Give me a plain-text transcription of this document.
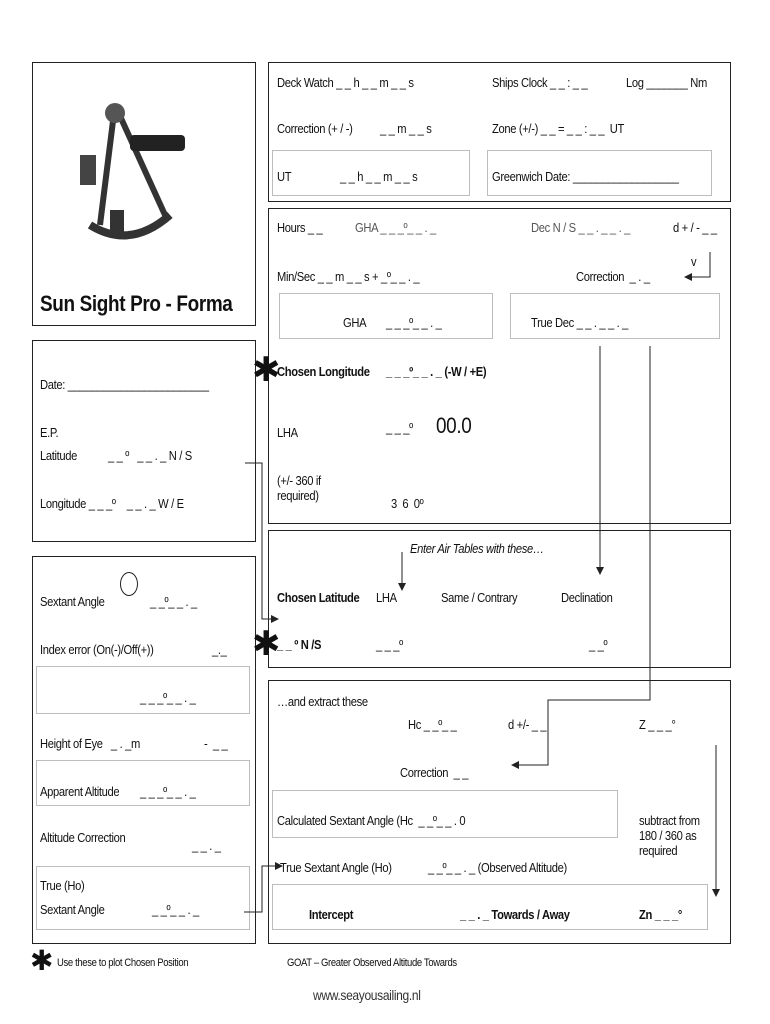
Sun Sight Pro - Forma
Date: ________________________
E.P.
Latitude _ _ º   _ _ . _ N / S
Longitude _ _ _º    _ _ . _ W / E
Sextant Angle	_ _º_ _ . _
Index error (On(-)/Off(+))	_._
_ _ _º_ _ . _
Height of Eye   _ . _m	-  _ _
Apparent Altitude _ _ _º_ _ . _
Altitude Correction
_ _ . _
True (Ho)
Sextant Angle	_ _º_ _ . _
Deck Watch _ _ h _ _ m _ _ s	Ships Clock _ _ : _ _	Log _______ Nm
Correction (+ / -) _ _ m _ _ s	Zone (+/-) _ _ = _ _ : _ _  UT
UT	_ _ h _ _ m _ _ s	Greenwich Date: __________________
Hours _ _	GHA _ _ _º_ _ . _	Dec N / S _ _ . _ _ . _	d + / - _ _
v
Min/Sec _ _ m _ _ s + _º_ _ . _	Correction  _ . _
GHA _ _ _º_ _ . _	True Dec _ _ . _ _ . _
✱
Chosen Longitude _ _ _º_ _ . _ (-W / +E)
LHA	_ _ _º 00.0
(+/- 360 if
required)
3  6  0º
Enter Air Tables with these…
Chosen Latitude LHA	Same / Contrary	Declination
✱
_ _ º N /S	_ _ _º	_ _º
…and extract these
Hc _ _º_ _	d +/- _ _	Z _ _ _°
Correction  _ _
Calculated Sextant Angle (Hc  _ _º_ _ . 0	subtract from
180 / 360 as
required
True Sextant Angle (Ho)	_ _º_ _ . _ (Observed Altitude)
Intercept	_ _ . _ Towards / Away	Zn _ _ _°
✱ Use these to plot Chosen Position	GOAT – Greater Observed Altitude Towards
www.seayousailing.nl
